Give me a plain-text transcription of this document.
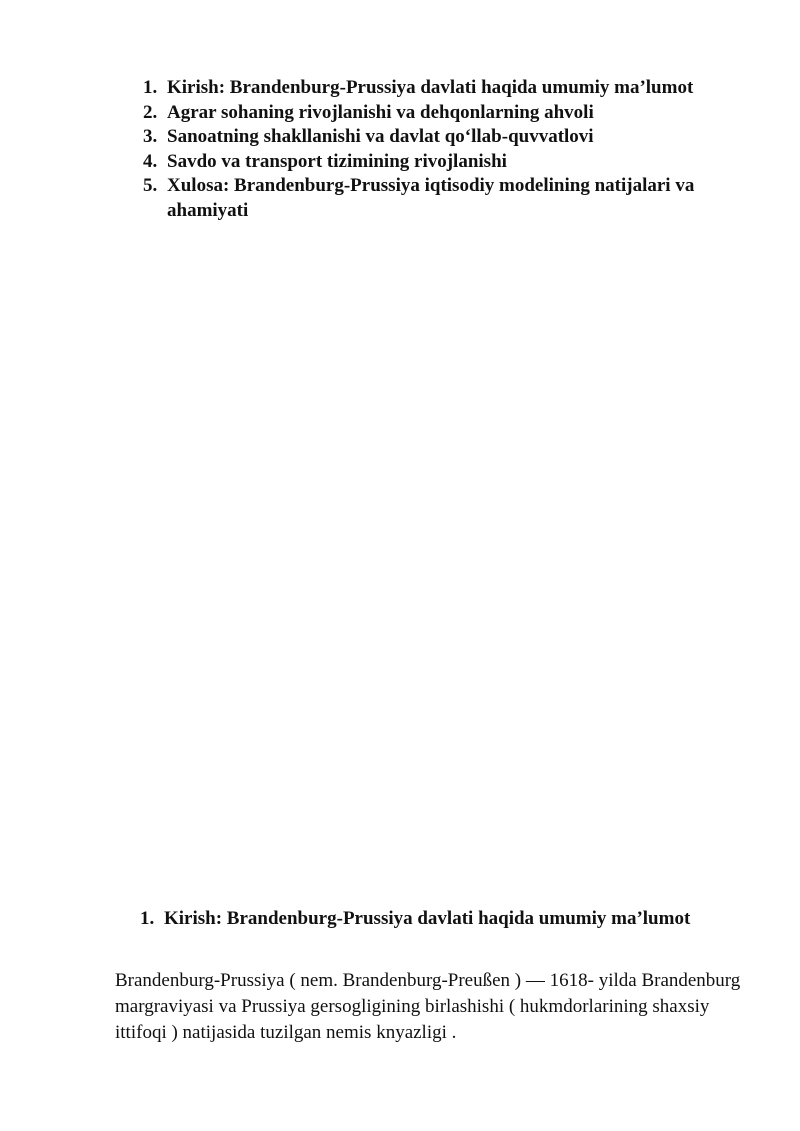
1. Kirish: Brandenburg-Prussiya davlati haqida umumiy ma’lumot
2. Agrar sohaning rivojlanishi va dehqonlarning ahvoli
3. Sanoatning shakllanishi va davlat qo‘llab-quvvatlovi
4. Savdo va transport tizimining rivojlanishi
5. Xulosa: Brandenburg-Prussiya iqtisodiy modelining natijalari va ahamiyati
1. Kirish: Brandenburg-Prussiya davlati haqida umumiy ma’lumot

Brandenburg-Prussiya ( nem. Brandenburg-Preußen ) — 1618- yilda Brandenburg margraviyasi va Prussiya gersogligining birlashishi ( hukmdorlarining shaxsiy ittifoqi ) natijasida tuzilgan nemis knyazligi .
